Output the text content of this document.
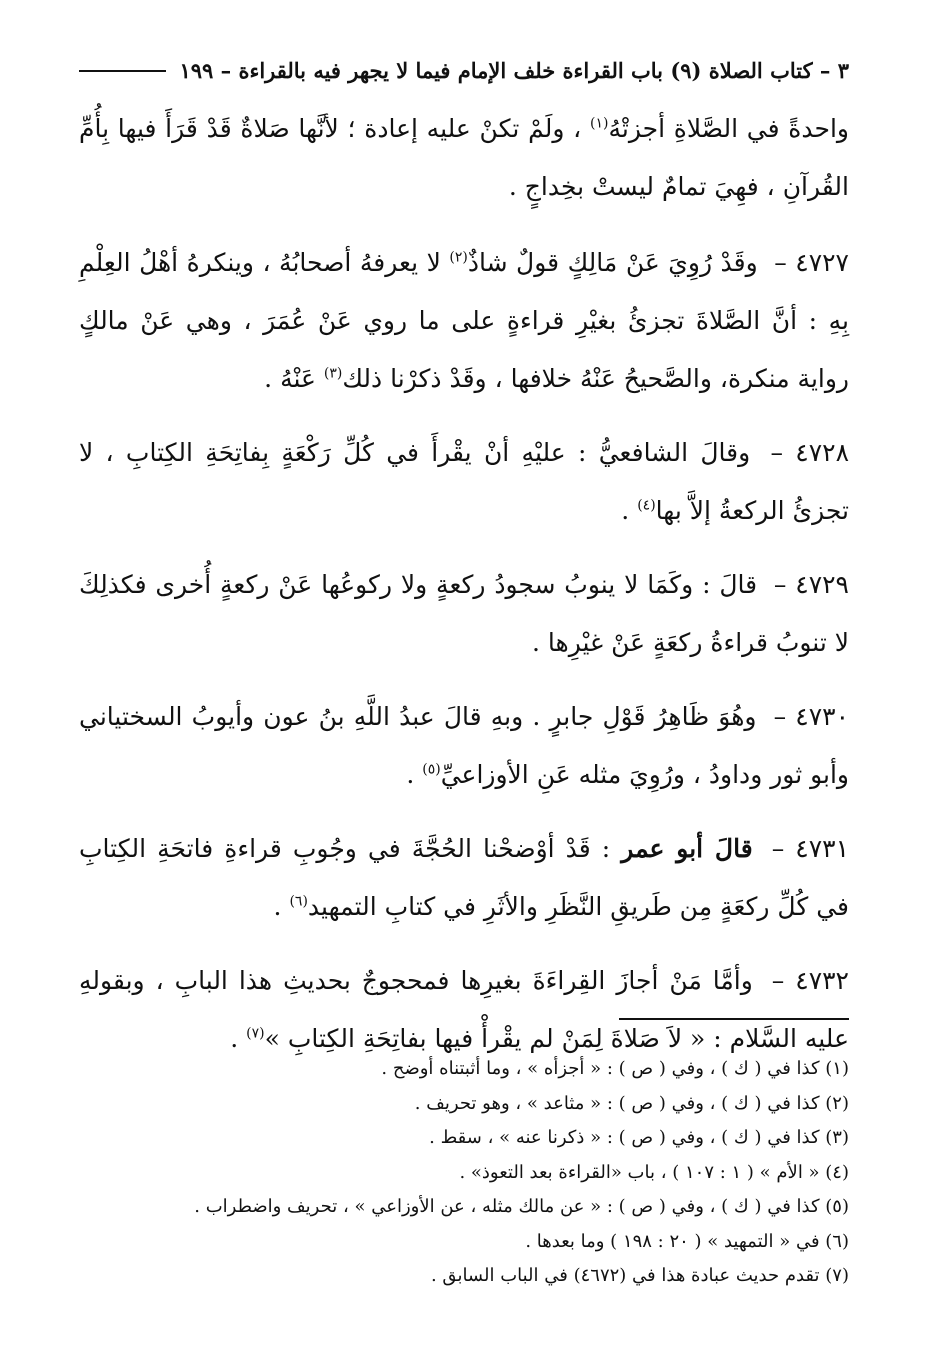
٣ – كتاب الصلاة (٩) باب القراءة خلف الإمام فيما لا يجهر فيه بالقراءة – ١٩٩

واحدةً في الصَّلاةِ أجزتْهُ$^{(١)}$ ، ولَمْ تكنْ عليه إعادة ؛ لأنَّها صَلاةٌ قَدْ قَرَأَ فيها بِأُمِّ القُرآنِ ، فهِيَ تمامٌ ليستْ بخِداجٍ .

٤٧٢٧ – وقَدْ رُوِيَ عَنْ مَالِكٍ قولٌ شاذٌ$^{(٢)}$ لا يعرفهُ أصحابُهُ ، وينكرهُ أهْلُ العِلْمِ بِهِ : أنَّ الصَّلاةَ تجزئُ بغيْرِ قراءةٍ على ما روي عَنْ عُمَرَ ، وهي عَنْ مالكٍ رواية منكرة، والصَّحيحُ عَنْهُ خلافها ، وقَدْ ذكرْنا ذلك$^{(٣)}$ عَنْهُ .

٤٧٢٨ – وقالَ الشافعيُّ : عليْهِ أنْ يقْرأَ في كُلِّ رَكْعَةٍ بِفاتِحَةِ الكِتابِ ، لا تجزئُ الركعةُ إلاَّ بها$^{(٤)}$ .

٤٧٢٩ – قالَ : وكَمَا لا ينوبُ سجودُ ركعةٍ ولا ركوعُها عَنْ ركعةٍ أُخرى فكذلِكَ لا تنوبُ قراءةُ ركعَةٍ عَنْ غيْرِها .

٤٧٣٠ – وهُوَ ظَاهِرُ قَوْلِ جابرٍ . وبهِ قالَ عبدُ اللَّهِ بنُ عون وأيوبُ السختياني وأبو ثور وداودُ ، ورُوِيَ مثله عَنِ الأوزاعيِّ$^{(٥)}$ .

٤٧٣١ – قالَ أبو عمر : قَدْ أوْضحْنا الحُجَّةَ في وجُوبِ قراءةِ فاتحَةِ الكِتابِ في كُلِّ ركعَةٍ مِن طَريقِ النَّظَرِ والأثَرِ في كتابِ التمهيد$^{(٦)}$ .

٤٧٣٢ – وأمَّا مَنْ أجازَ القِراءَةَ بغيرِها فمحجوجٌ بحديثِ هذا البابِ ، وبقولهِ عليه السَّلام : « لاَ صَلاةَ لِمَنْ لم يقْرأْ فيها بفاتِحَةِ الكِتابِ »$^{(٧)}$ .

(١) كذا في ( ك ) ، وفي ( ص ) : « أجزأه » ، وما أثبتناه أوضح .
(٢) كذا في ( ك ) ، وفي ( ص ) : « مثاعد » ، وهو تحريف .
(٣) كذا في ( ك ) ، وفي ( ص ) : « ذكرنا عنه » ، سقط .
(٤) « الأم » ( ١ : ١٠٧ ) ، باب «القراءة بعد التعوذ» .
(٥) كذا في ( ك ) ، وفي ( ص ) : « عن مالك مثله ، عن الأوزاعي » ، تحريف واضطراب .
(٦) في « التمهيد » ( ٢٠ : ١٩٨ ) وما بعدها .
(٧) تقدم حديث عبادة هذا في (٤٦٧٢) في الباب السابق .
